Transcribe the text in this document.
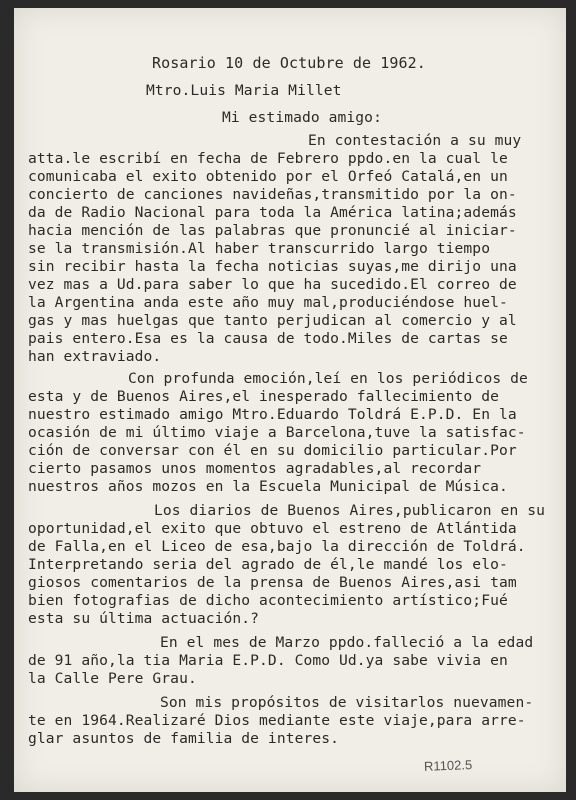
Rosario 10 de Octubre de 1962.
Mtro.Luis Maria Millet
Mi estimado amigo:
En contestación a su muy
atta.le escribí en fecha de Febrero ppdo.en la cual le
comunicaba el exito obtenido por el Orfeó Catalá,en un
concierto de canciones navideñas,transmitido por la on-
da de Radio Nacional para toda la América latina;además
hacia mención de las palabras que pronuncié al iniciar-
se la transmisión.Al haber transcurrido largo tiempo
sin recibir hasta la fecha noticias suyas,me dirijo una
vez mas a Ud.para saber lo que ha sucedido.El correo de
la Argentina anda este año muy mal,produciéndose huel-
gas y mas huelgas que tanto perjudican al comercio y al
pais entero.Esa es la causa de todo.Miles de cartas se
han extraviado.
Con profunda emoción,leí en los periódicos de
esta y de Buenos Aires,el inesperado fallecimiento de
nuestro estimado amigo Mtro.Eduardo Toldrá E.P.D. En la
ocasión de mi último viaje a Barcelona,tuve la satisfac-
ción de conversar con él en su domicilio particular.Por
cierto pasamos unos momentos agradables,al recordar
nuestros años mozos en la Escuela Municipal de Música.
Los diarios de Buenos Aires,publicaron en su
oportunidad,el exito que obtuvo el estreno de Atlántida
de Falla,en el Liceo de esa,bajo la dirección de Toldrá.
Interpretando seria del agrado de él,le mandé los elo-
giosos comentarios de la prensa de Buenos Aires,asi tam
bien fotografias de dicho acontecimiento artístico;Fué
esta su última actuación.?
En el mes de Marzo ppdo.falleció a la edad
de 91 año,la tia Maria E.P.D. Como Ud.ya sabe vivia en
la Calle Pere Grau.
Son mis propósitos de visitarlos nuevamen-
te en 1964.Realizaré Dios mediante este viaje,para arre-
glar asuntos de familia de interes.
R1102.5
